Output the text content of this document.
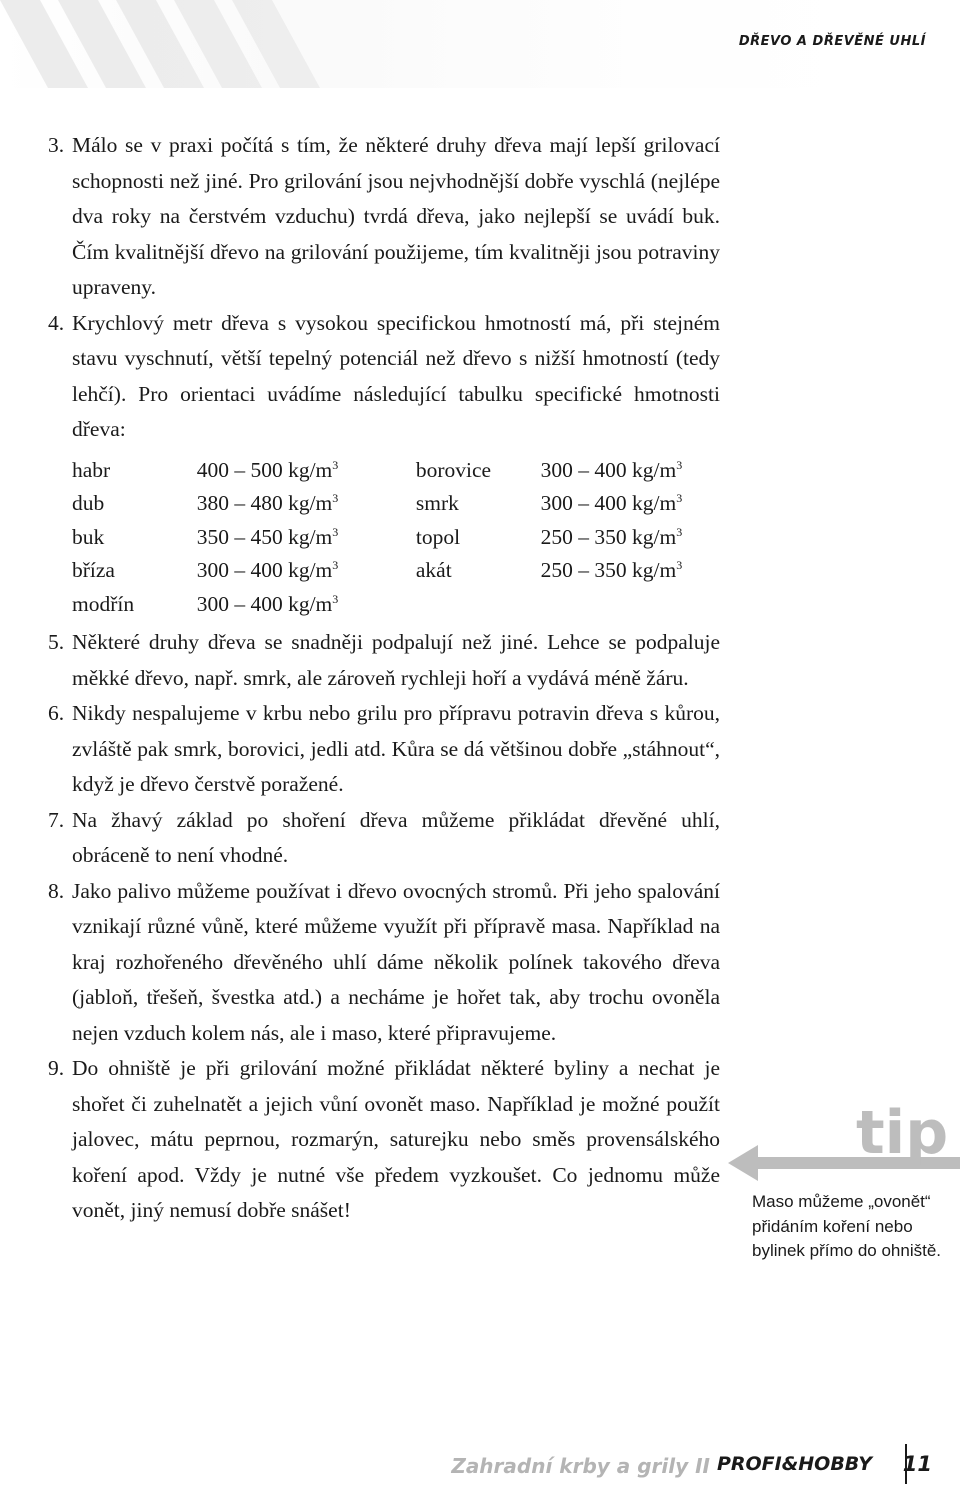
DŘEVO A DŘEVĚNÉ UHLÍ
3. Málo se v praxi počítá s tím, že některé druhy dřeva mají lepší grilovací schopnosti než jiné. Pro grilování jsou nejvhodnější dobře vyschlá (nejlépe dva roky na čerstvém vzduchu) tvrdá dřeva, jako nejlepší se uvádí buk. Čím kvalitnější dřevo na grilování použijeme, tím kvalitněji jsou potraviny upraveny.
4. Krychlový metr dřeva s vysokou specifickou hmotností má, při stejném stavu vyschnutí, větší tepelný potenciál než dřevo s nižší hmotností (tedy lehčí). Pro orientaci uvádíme následující tabulku specifické hmotnosti dřeva:
habr	400 – 500 $kg/m^3$	borovice	300 – 400 $kg/m^3$
dub	380 – 480 $kg/m^3$	smrk	300 – 400 $kg/m^3$
buk	350 – 450 $kg/m^3$	topol	250 – 350 $kg/m^3$
bříza	300 – 400 $kg/m^3$	akát	250 – 350 $kg/m^3$
modřín	300 – 400 $kg/m^3$		
5. Některé druhy dřeva se snadněji podpalují než jiné. Lehce se podpaluje měkké dřevo, např. smrk, ale zároveň rychleji hoří a vydává méně žáru.
6. Nikdy nespalujeme v krbu nebo grilu pro přípravu potravin dřeva s kůrou, zvláště pak smrk, borovici, jedli atd. Kůra se dá většinou dobře „stáhnout“, když je dřevo čerstvě poražené.
7. Na žhavý základ po shoření dřeva můžeme přikládat dřevěné uhlí, obráceně to není vhodné.
8. Jako palivo můžeme používat i dřevo ovocných stromů. Při jeho spalování vznikají různé vůně, které můžeme využít při přípravě masa. Například na kraj rozhořeného dřevěného uhlí dáme několik polínek takového dřeva (jabloň, třešeň, švestka atd.) a necháme je hořet tak, aby trochu ovoněla nejen vzduch kolem nás, ale i maso, které připravujeme.
9. Do ohniště je při grilování možné přikládat některé byliny a nechat je shořet či zuhelnatět a jejich vůní ovonět maso. Například je možné použít jalovec, mátu peprnou, rozmarýn, saturejku nebo směs provensálského koření apod. Vždy je nutné vše předem vyzkoušet. Co jednomu může vonět, jiný nemusí dobře snášet!
tip
Maso můžeme „ovonět“ přidáním koření nebo bylinek přímo do ohniště.
Zahradní krby a grily II PROFI&HOBBY 11
